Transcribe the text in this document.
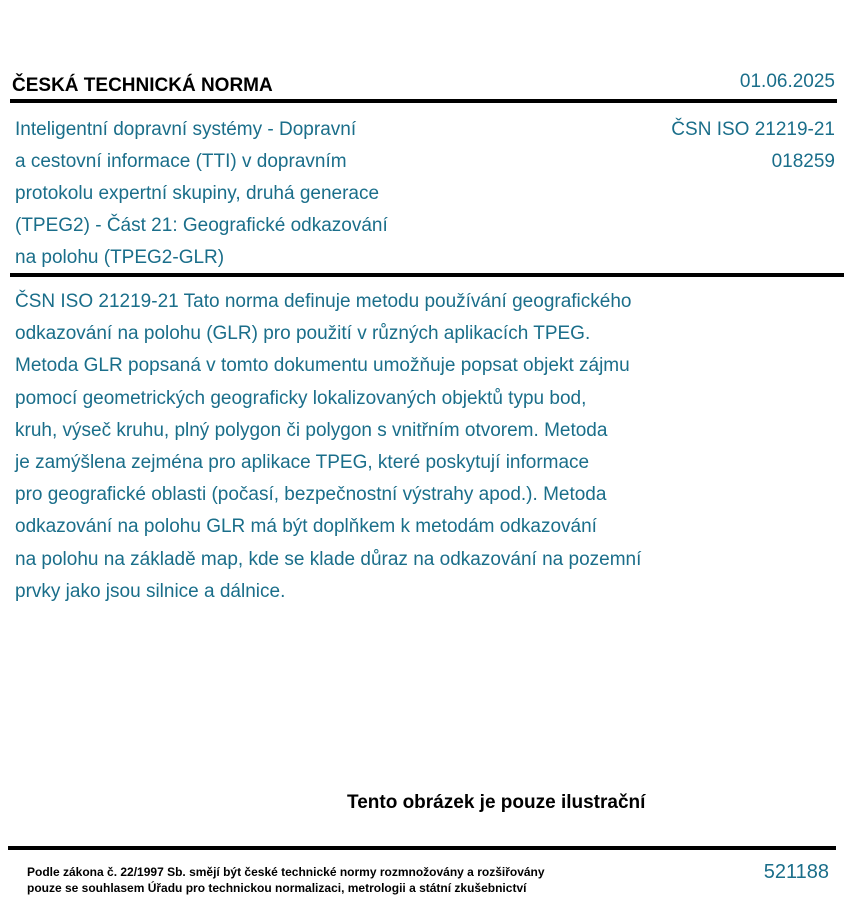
ČESKÁ TECHNICKÁ NORMA	01.06.2025
Inteligentní dopravní systémy - Dopravní
a cestovní informace (TTI) v dopravním
protokolu expertní skupiny, druhá generace
(TPEG2) - Část 21: Geografické odkazování
na polohu (TPEG2-GLR)
ČSN ISO 21219-21
018259
ČSN ISO 21219-21 Tato norma definuje metodu používání geografického
odkazování na polohu (GLR) pro použití v různých aplikacích TPEG.
Metoda GLR popsaná v tomto dokumentu umožňuje popsat objekt zájmu
pomocí geometrických geograficky lokalizovaných objektů typu bod,
kruh, výseč kruhu, plný polygon či polygon s vnitřním otvorem. Metoda
je zamýšlena zejména pro aplikace TPEG, které poskytují informace
pro geografické oblasti (počasí, bezpečnostní výstrahy apod.). Metoda
odkazování na polohu GLR má být doplňkem k metodám odkazování
na polohu na základě map, kde se klade důraz na odkazování na pozemní
prvky jako jsou silnice a dálnice.
Tento obrázek je pouze ilustrační
Podle zákona č. 22/1997 Sb. smějí být české technické normy rozmnožovány a rozšiřovány
pouze se souhlasem Úřadu pro technickou normalizaci, metrologii a státní zkušebnictví
521188
